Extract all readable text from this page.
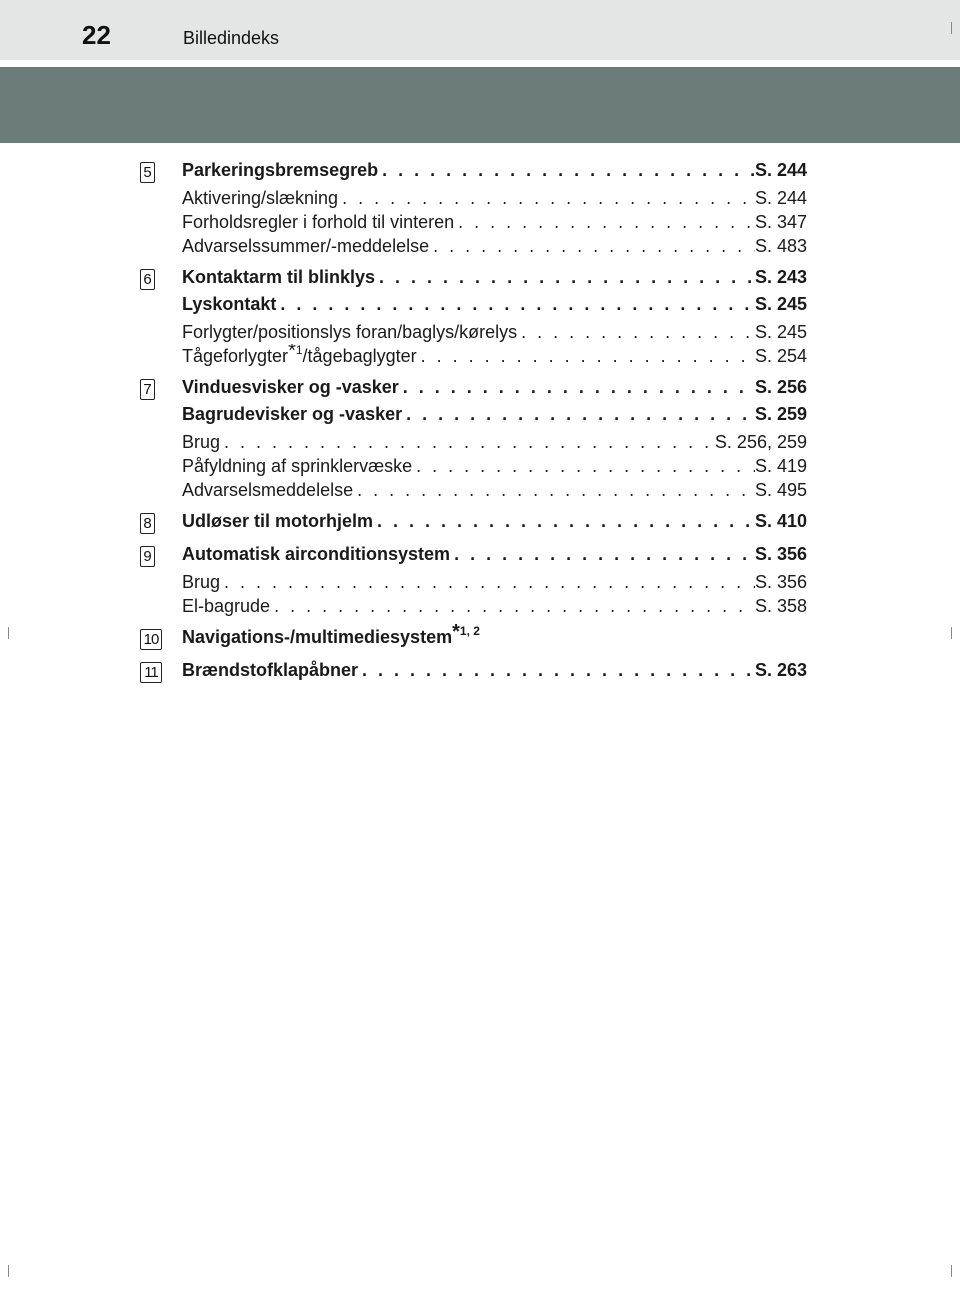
22	Billedindeks
5 Parkeringsbremsegreb . . .	S. 244
Aktivering/slækning . . .	S. 244
Forholdsregler i forhold til vinteren . . .	S. 347
Advarselssummer/-meddelelse . . .	S. 483
6 Kontaktarm til blinklys . . .	S. 243
Lyskontakt . . .	S. 245
Forlygter/positionslys foran/baglys/kørelys . . .	S. 245
Tågeforlygter$^{*1}$/tågebaglygter . . .	S. 254
7 Vinduesvisker og -vasker . . .	S. 256
Bagrudevisker og -vasker . . .	S. 259
Brug . . .	S. 256, 259
Påfyldning af sprinklervæske . . .	S. 419
Advarselsmeddelelse . . .	S. 495
8 Udløser til motorhjelm . . .	S. 410
9 Automatisk airconditionsystem . . .	S. 356
Brug . . .	S. 356
El-bagrude . . .	S. 358
10 Navigations-/multimediesystem$^{*1, 2}$
11 Brændstofklapåbner . . .	S. 263
